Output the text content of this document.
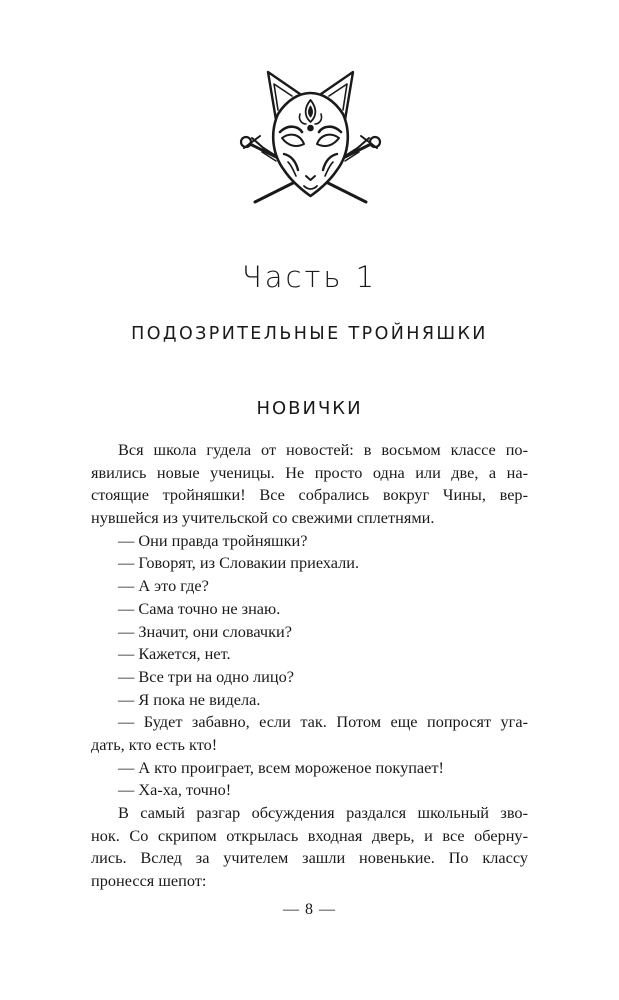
Часть 1
ПОДОЗРИТЕЛЬНЫЕ ТРОЙНЯШКИ
НОВИЧКИ
Вся школа гудела от новостей: в восьмом классе по-
явились новые ученицы. Не просто одна или две, а на-
стоящие тройняшки! Все собрались вокруг Чины, вер-
нувшейся из учительской со свежими сплетнями.
— Они правда тройняшки?
— Говорят, из Словакии приехали.
— А это где?
— Сама точно не знаю.
— Значит, они словачки?
— Кажется, нет.
— Все три на одно лицо?
— Я пока не видела.
— Будет забавно, если так. Потом еще попросят уга-
дать, кто есть кто!
— А кто проиграет, всем мороженое покупает!
— Ха-ха, точно!
В самый разгар обсуждения раздался школьный зво-
нок. Со скрипом открылась входная дверь, и все оберну-
лись. Вслед за учителем зашли новенькие. По классу
пронесся шепот:
— 8 —
